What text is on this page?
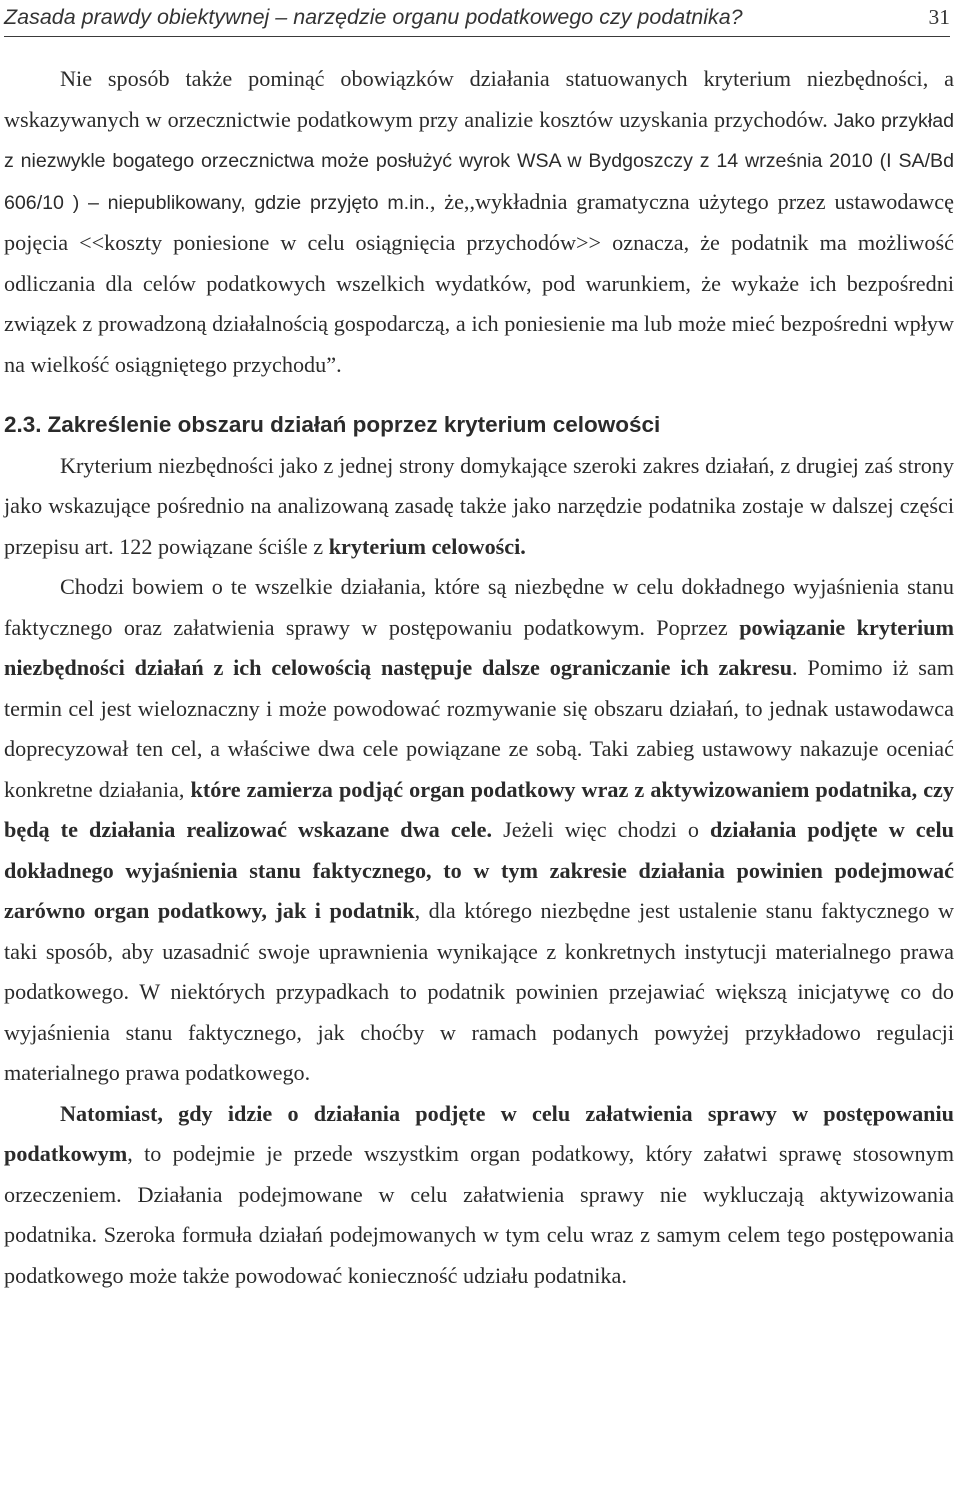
Zasada prawdy obiektywnej – narzędzie organu podatkowego czy podatnika?	31

Nie sposób także pominąć obowiązków działania statuowanych kryterium niezbędności, a wskazywanych w orzecznictwie podatkowym przy analizie kosztów uzyskania przychodów. Jako przykład z niezwykle bogatego orzecznictwa może posłużyć wyrok WSA w Bydgoszczy z 14 września 2010 (I SA/Bd 606/10 ) – niepublikowany, gdzie przyjęto m.in., że,,wykładnia gramatyczna użytego przez ustawodawcę pojęcia <<koszty poniesione w celu osiągnięcia przychodów>> oznacza, że podatnik ma możliwość odliczania dla celów podatkowych wszelkich wydatków, pod warunkiem, że wykaże ich bezpośredni związek z prowadzoną działalnością gospodarczą, a ich poniesienie ma lub może mieć bezpośredni wpływ na wielkość osiągniętego przychodu”.

2.3. Zakreślenie obszaru działań poprzez kryterium celowości

Kryterium niezbędności jako z jednej strony domykające szeroki zakres działań, z drugiej zaś strony jako wskazujące pośrednio na analizowaną zasadę także jako narzędzie podatnika zostaje w dalszej części przepisu art. 122 powiązane ściśle z kryterium celowości.

Chodzi bowiem o te wszelkie działania, które są niezbędne w celu dokładnego wyjaśnienia stanu faktycznego oraz załatwienia sprawy w postępowaniu podatkowym. Poprzez powiązanie kryterium niezbędności działań z ich celowością następuje dalsze ograniczanie ich zakresu. Pomimo iż sam termin cel jest wieloznaczny i może powodować rozmywanie się obszaru działań, to jednak ustawodawca doprecyzował ten cel, a właściwe dwa cele powiązane ze sobą. Taki zabieg ustawowy nakazuje oceniać konkretne działania, które zamierza podjąć organ podatkowy wraz z aktywizowaniem podatnika, czy będą te działania realizować wskazane dwa cele. Jeżeli więc chodzi o działania podjęte w celu dokładnego wyjaśnienia stanu faktycznego, to w tym zakresie działania powinien podejmować zarówno organ podatkowy, jak i podatnik, dla którego niezbędne jest ustalenie stanu faktycznego w taki sposób, aby uzasadnić swoje uprawnienia wynikające z konkretnych instytucji materialnego prawa podatkowego. W niektórych przypadkach to podatnik powinien przejawiać większą inicjatywę co do wyjaśnienia stanu faktycznego, jak choćby w ramach podanych powyżej przykładowo regulacji materialnego prawa podatkowego.

Natomiast, gdy idzie o działania podjęte w celu załatwienia sprawy w postępowaniu podatkowym, to podejmie je przede wszystkim organ podatkowy, który załatwi sprawę stosownym orzeczeniem. Działania podejmowane w celu załatwienia sprawy nie wykluczają aktywizowania podatnika. Szeroka formuła działań podejmowanych w tym celu wraz z samym celem tego postępowania podatkowego może także powodować konieczność udziału podatnika.
